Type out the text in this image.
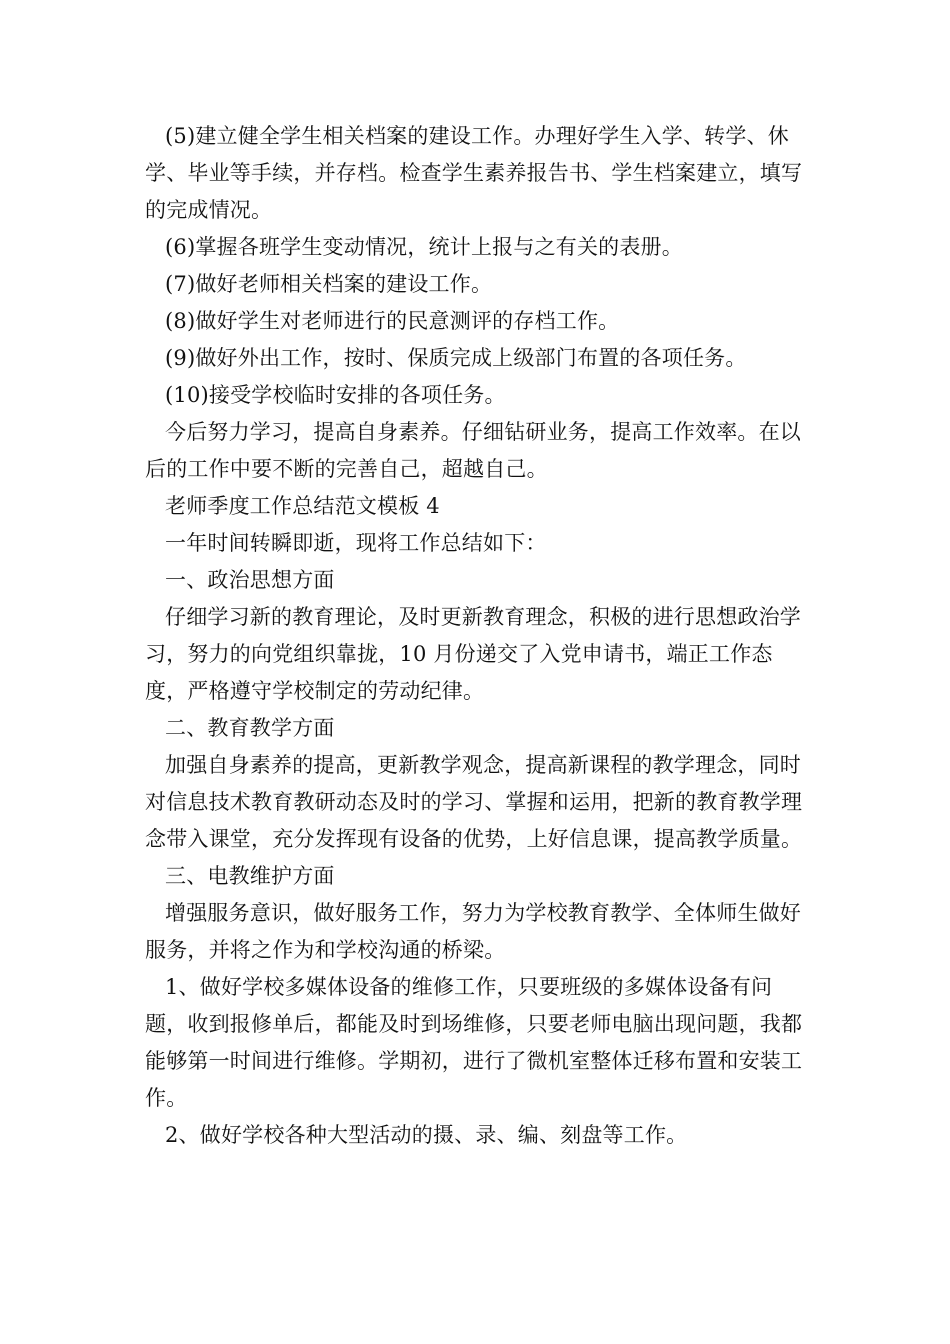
(5)建立健全学生相关档案的建设工作。办理好学生入学、转学、休学、毕业等手续，并存档。检查学生素养报告书、学生档案建立，填写的完成情况。

(6)掌握各班学生变动情况，统计上报与之有关的表册。

(7)做好老师相关档案的建设工作。

(8)做好学生对老师进行的民意测评的存档工作。

(9)做好外出工作，按时、保质完成上级部门布置的各项任务。

(10)接受学校临时安排的各项任务。

今后努力学习，提高自身素养。仔细钻研业务，提高工作效率。在以后的工作中要不断的完善自己，超越自己。

老师季度工作总结范文模板 4

一年时间转瞬即逝，现将工作总结如下：

一、政治思想方面

仔细学习新的教育理论，及时更新教育理念，积极的进行思想政治学习，努力的向党组织靠拢，10 月份递交了入党申请书，端正工作态度，严格遵守学校制定的劳动纪律。

二、教育教学方面

加强自身素养的提高，更新教学观念，提高新课程的教学理念，同时对信息技术教育教研动态及时的学习、掌握和运用，把新的教育教学理念带入课堂，充分发挥现有设备的优势，上好信息课，提高教学质量。

三、电教维护方面

增强服务意识，做好服务工作，努力为学校教育教学、全体师生做好服务，并将之作为和学校沟通的桥梁。

1、做好学校多媒体设备的维修工作，只要班级的多媒体设备有问题，收到报修单后，都能及时到场维修，只要老师电脑出现问题，我都能够第一时间进行维修。学期初，进行了微机室整体迁移布置和安装工作。

2、做好学校各种大型活动的摄、录、编、刻盘等工作。
